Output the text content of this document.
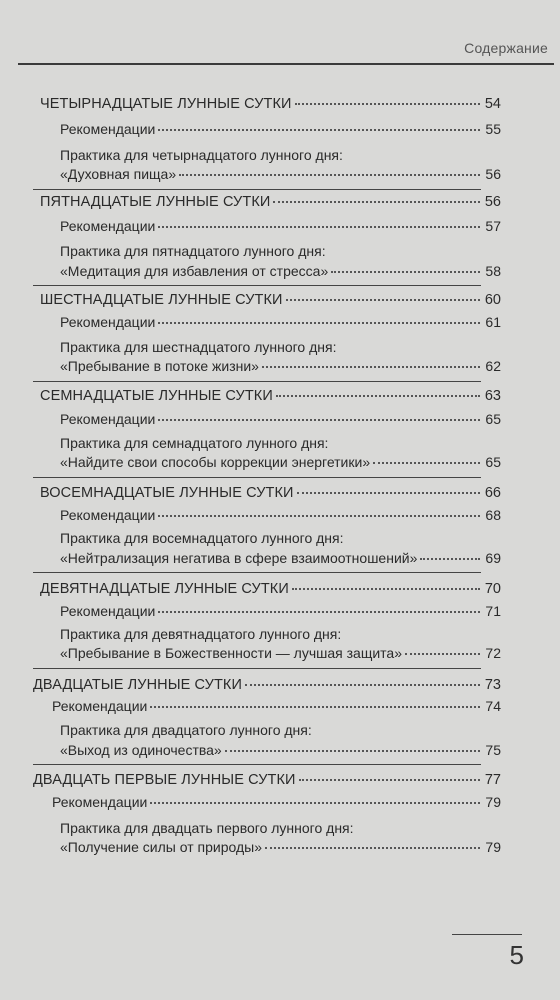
Содержание
ЧЕТЫРНАДЦАТЫЕ ЛУННЫЕ СУТКИ	54
Рекомендации	55
Практика для четырнадцатого лунного дня:
«Духовная пища»	56
ПЯТНАДЦАТЫЕ ЛУННЫЕ СУТКИ	56
Рекомендации	57
Практика для пятнадцатого лунного дня:
«Медитация для избавления от стресса»	58
ШЕСТНАДЦАТЫЕ ЛУННЫЕ СУТКИ	60
Рекомендации	61
Практика для шестнадцатого лунного дня:
«Пребывание в потоке жизни»	62
СЕМНАДЦАТЫЕ ЛУННЫЕ СУТКИ	63
Рекомендации	65
Практика для семнадцатого лунного дня:
«Найдите свои способы коррекции энергетики»	65
ВОСЕМНАДЦАТЫЕ ЛУННЫЕ СУТКИ	66
Рекомендации	68
Практика для восемнадцатого лунного дня:
«Нейтрализация негатива в сфере взаимоотношений»	69
ДЕВЯТНАДЦАТЫЕ ЛУННЫЕ СУТКИ	70
Рекомендации	71
Практика для девятнадцатого лунного дня:
«Пребывание в Божественности — лучшая защита»	72
ДВАДЦАТЫЕ ЛУННЫЕ СУТКИ	73
Рекомендации	74
Практика для двадцатого лунного дня:
«Выход из одиночества»	75
ДВАДЦАТЬ ПЕРВЫЕ ЛУННЫЕ СУТКИ	77
Рекомендации	79
Практика для двадцать первого лунного дня:
«Получение силы от природы»	79
5
